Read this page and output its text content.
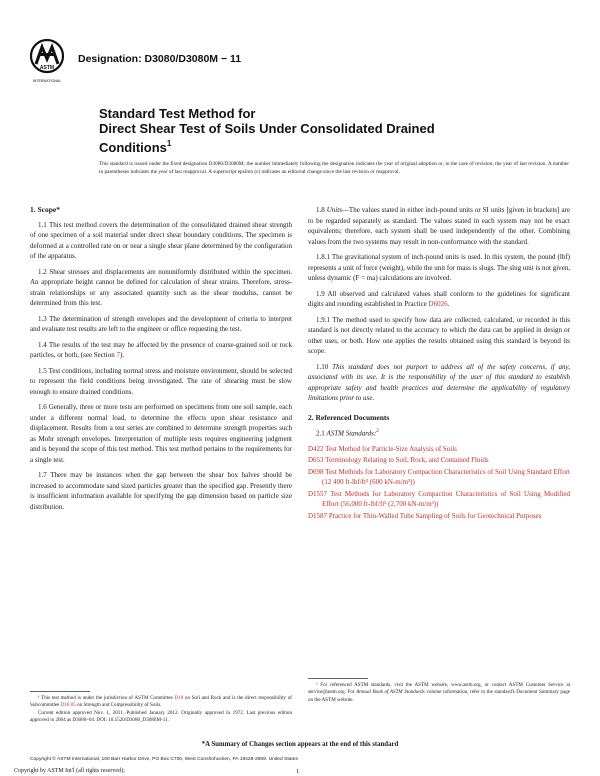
ASTM
INTERNATIONAL
Designation: D3080/D3080M − 11
Standard Test Method for
Direct Shear Test of Soils Under Consolidated Drained
Conditions$^1$
This standard is issued under the fixed designation D3080/D3080M; the number immediately following the designation indicates the year of original adoption or, in the case of revision, the year of last revision. A number in parentheses indicates the year of last reapproval. A superscript epsilon (ε) indicates an editorial change since the last revision or reapproval.
1. Scope*

1.1 This test method covers the determination of the consolidated drained shear strength of one specimen of a soil material under direct shear boundary conditions. The specimen is deformed at a controlled rate on or near a single shear plane determined by the configuration of the apparatus.

1.2 Shear stresses and displacements are nonuniformly distributed within the specimen. An appropriate height cannot be defined for calculation of shear strains. Therefore, stress-strain relationships or any associated quantity such as the shear modulus, cannot be determined from this test.

1.3 The determination of strength envelopes and the development of criteria to interpret and evaluate test results are left to the engineer or office requesting the test.

1.4 The results of the test may be affected by the presence of coarse-grained soil or rock particles, or both, (see Section 7).

1.5 Test conditions, including normal stress and moisture environment, should be selected to represent the field conditions being investigated. The rate of shearing must be slow enough to ensure drained conditions.

1.6 Generally, three or more tests are performed on specimens from one soil sample, each under a different normal load, to determine the effects upon shear resistance and displacement. Results from a test series are combined to determine strength properties such as Mohr strength envelopes. Interpretation of multiple tests requires engineering judgment and is beyond the scope of this test method. This test method pertains to the requirements for a single test.

1.7 There may be instances when the gap between the shear box halves should be increased to accommodate sand sized particles greater than the specified gap. Presently there is insufficient information available for specifying the gap dimension based on particle size distribution.

1.8 Units—The values stated in either inch-pound units or SI units [given in brackets] are to be regarded separately as standard. The values stated in each system may not be exact equivalents; therefore, each system shall be used independently of the other. Combining values from the two systems may result in non-conformance with the standard.

1.8.1 The gravitational system of inch-pound units is used. In this system, the pound (lbf) represents a unit of force (weight), while the unit for mass is slugs. The slug unit is not given, unless dynamic (F = ma) calculations are involved.

1.9 All observed and calculated values shall conform to the guidelines for significant digits and rounding established in Practice D6026.

1.9.1 The method used to specify how data are collected, calculated, or recorded in this standard is not directly related to the accuracy to which the data can be applied in design or other uses, or both. How one applies the results obtained using this standard is beyond its scope.

1.10 This standard does not purport to address all of the safety concerns, if any, associated with its use. It is the responsibility of the user of this standard to establish appropriate safety and health practices and determine the applicability of regulatory limitations prior to use.

2. Referenced Documents

2.1 ASTM Standards:$^2$

D422 Test Method for Particle-Size Analysis of Soils

D653 Terminology Relating to Soil, Rock, and Contained Fluids

D698 Test Methods for Laboratory Compaction Characteristics of Soil Using Standard Effort (12 400 ft-lbf/ft³ (600 kN-m/m³))

D1557 Test Methods for Laboratory Compaction Characteristics of Soil Using Modified Effort (56,000 ft-lbf/ft³ (2,700 kN-m/m³))

D1587 Practice for Thin-Walled Tube Sampling of Soils for Geotechnical Purposes

¹ This test method is under the jurisdiction of ASTM Committee D18 on Soil and Rock and is the direct responsibility of Subcommittee D18.05 on Strength and Compressibility of Soils.
Current edition approved Nov. 1, 2011. Published January 2012. Originally approved in 1972. Last previous edition approved in 2004 as D3080–04. DOI: 10.1520/D3080_D3080M-11.
² For referenced ASTM standards, visit the ASTM website, www.astm.org, or contact ASTM Customer Service at service@astm.org. For Annual Book of ASTM Standards volume information, refer to the standard's Document Summary page on the ASTM website.
*A Summary of Changes section appears at the end of this standard
Copyright © ASTM International, 100 Barr Harbor Drive, PO Box C700, West Conshohocken, PA 19428-2959. United States
Copyright by ASTM Int'l (all rights reserved);	1
